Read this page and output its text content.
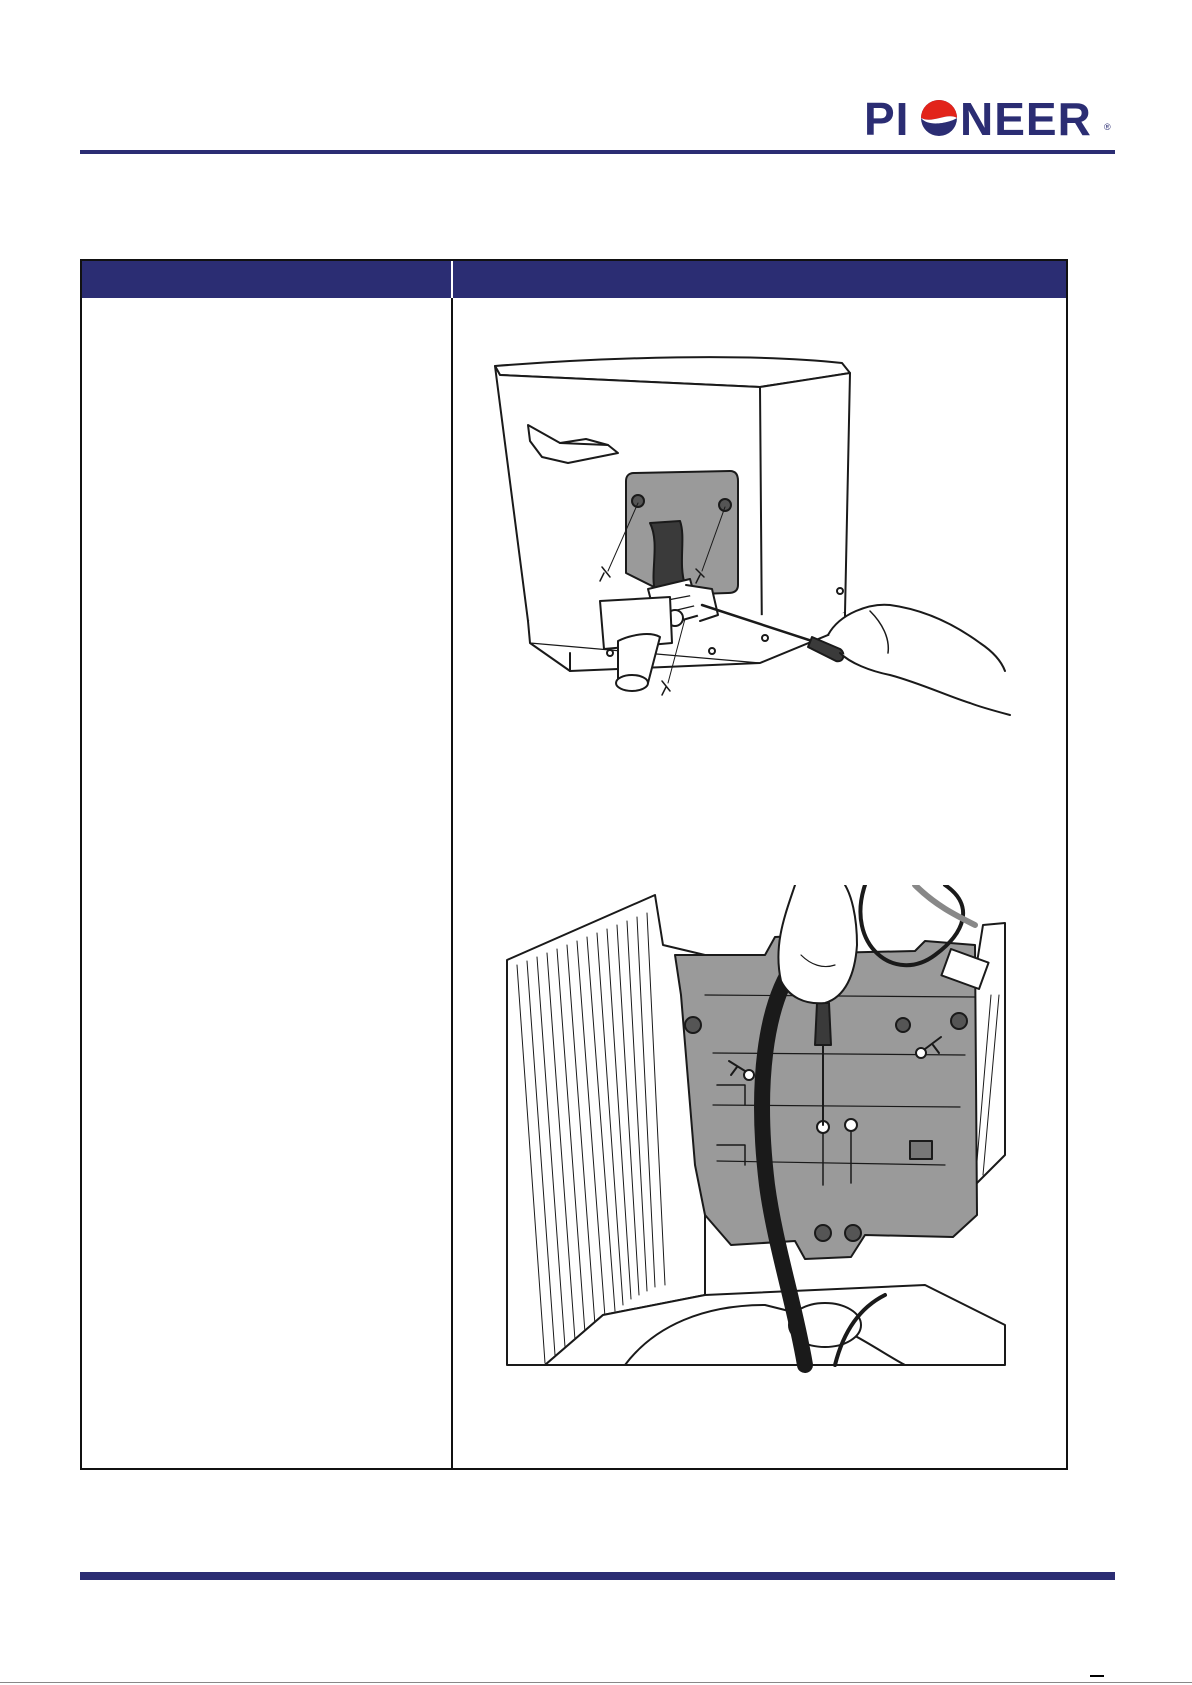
PI NEER ®
